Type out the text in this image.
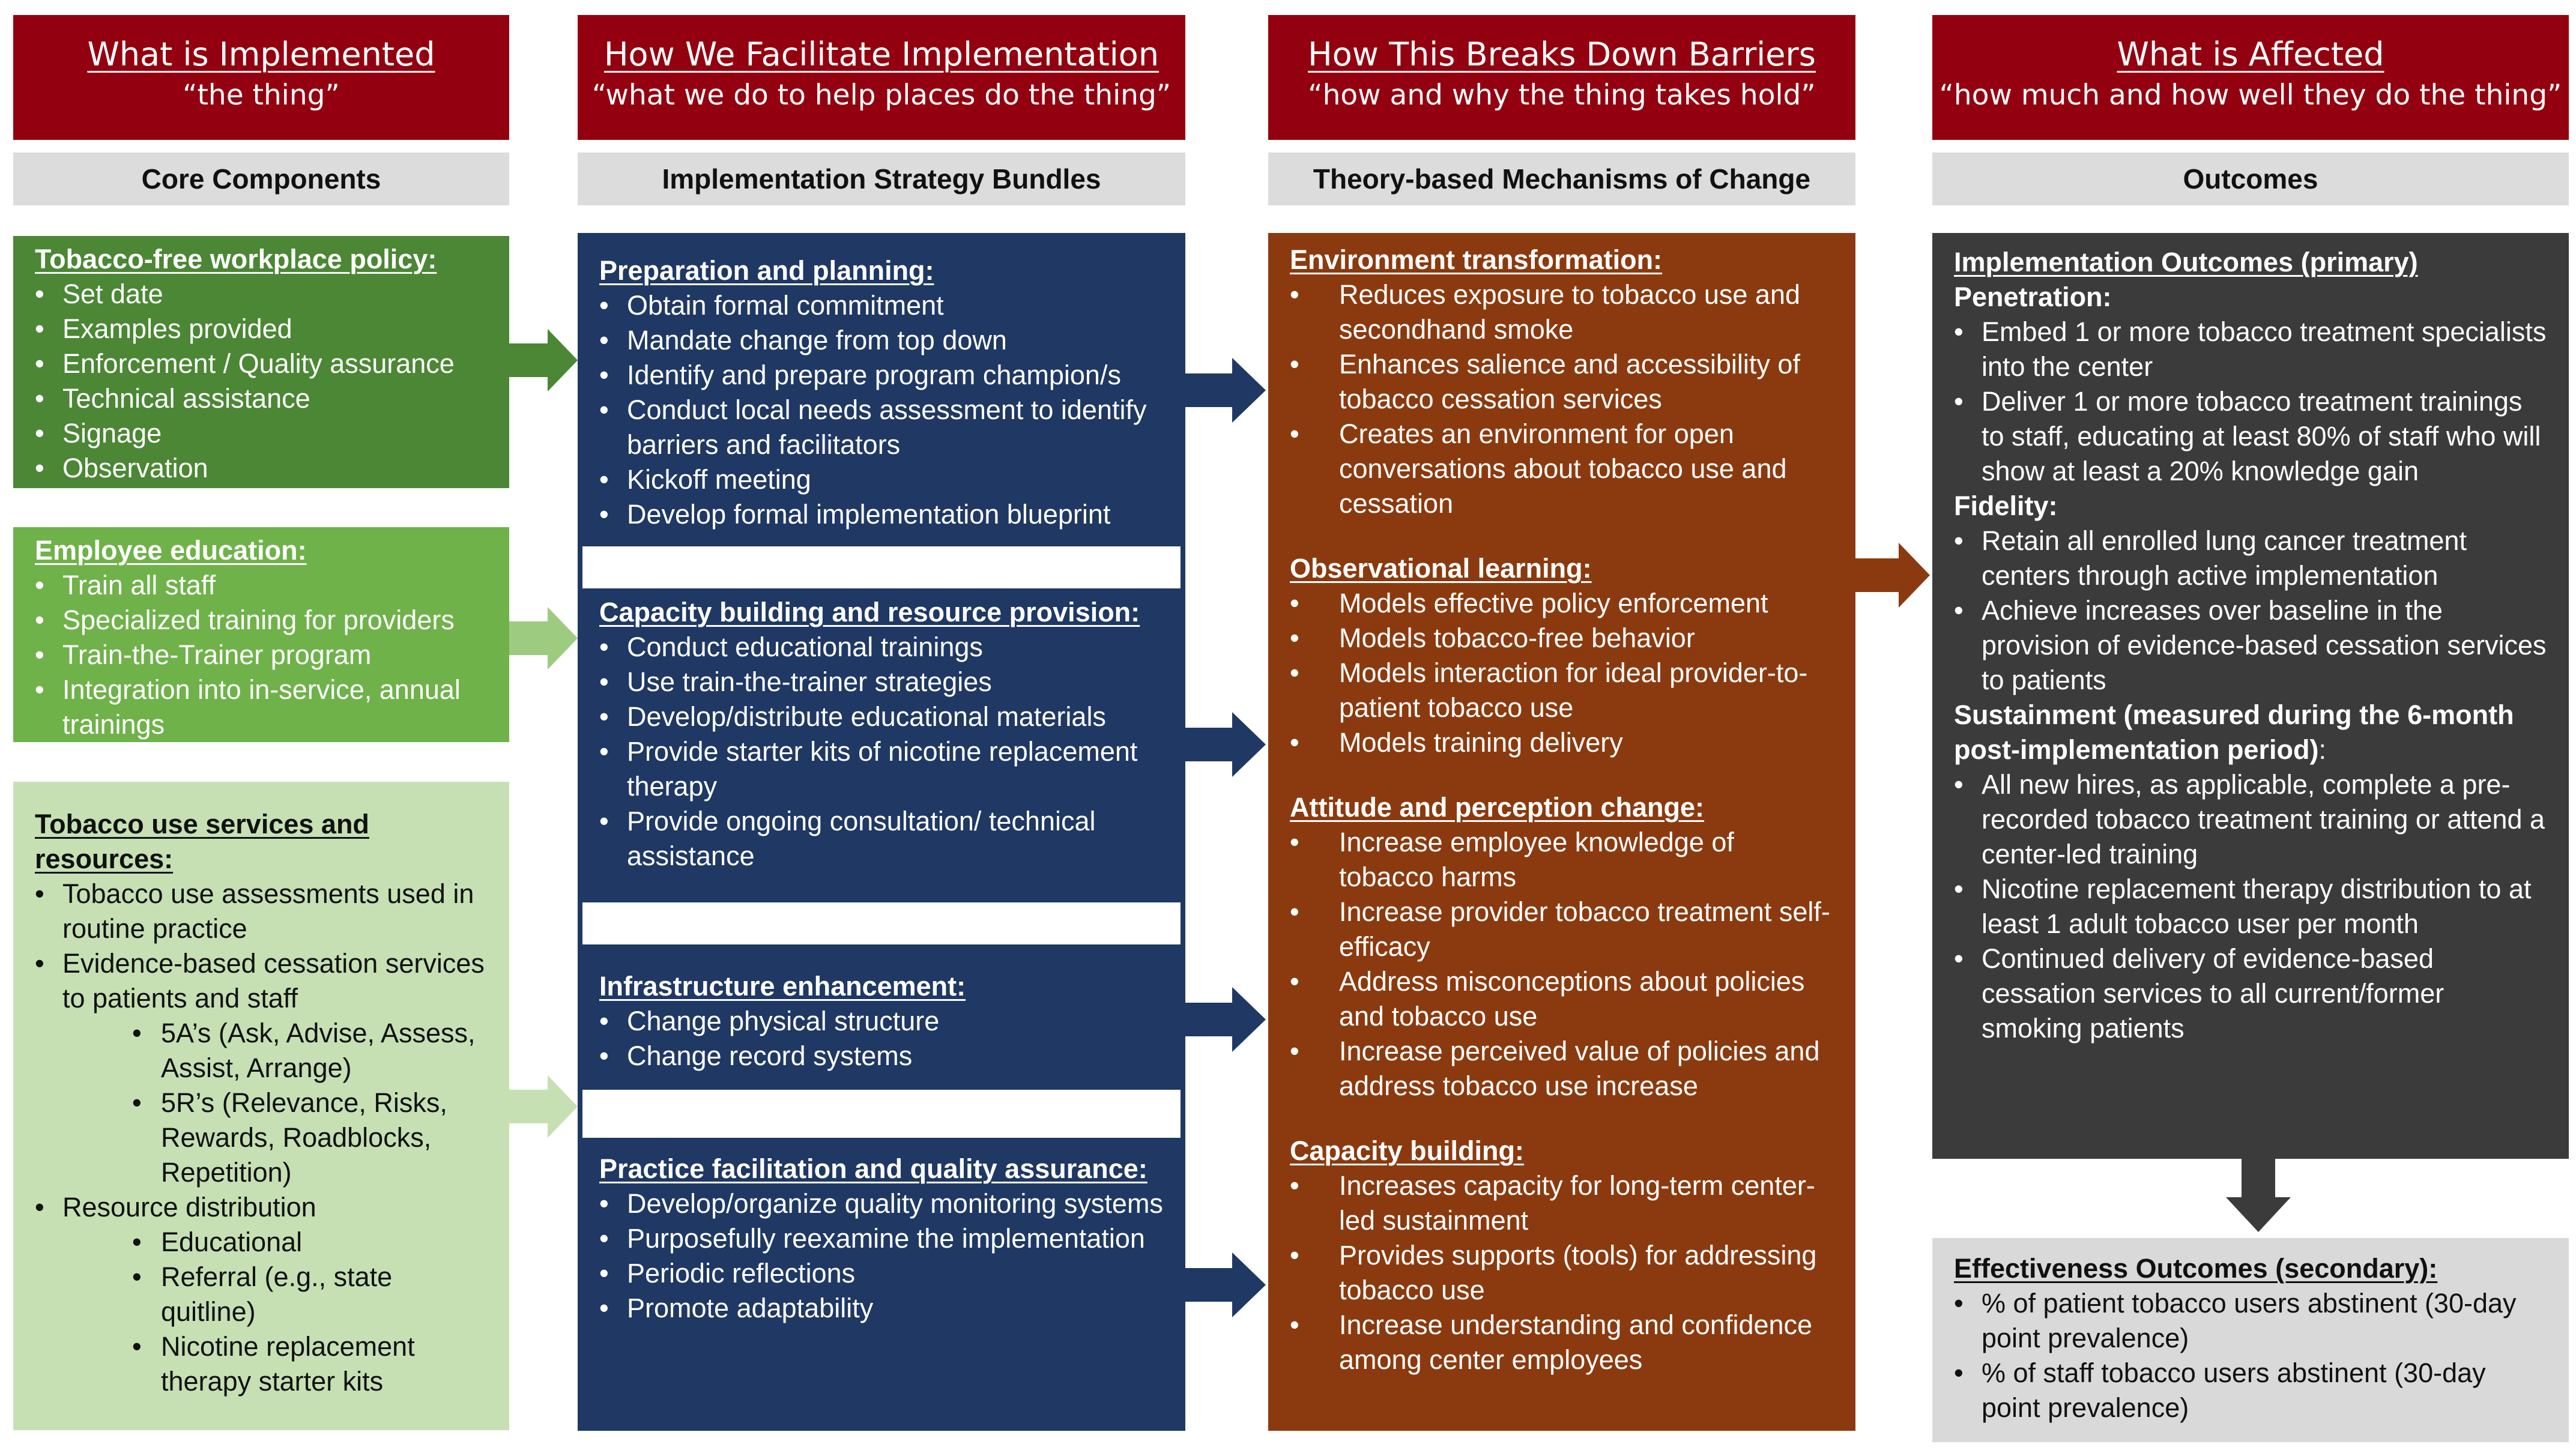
What is Implemented
“the thing”
How We Facilitate Implementation
“what we do to help places do the thing”
How This Breaks Down Barriers
“how and why the thing takes hold”
What is Affected
“how much and how well they do the thing”
Core Components	Implementation Strategy Bundles	Theory-based Mechanisms of Change	Outcomes
Tobacco-free workplace policy:
• Set date
• Examples provided
• Enforcement / Quality assurance
• Technical assistance
• Signage
• Observation
Employee education:
• Train all staff
• Specialized training for providers
• Train-the-Trainer program
• Integration into in-service, annual trainings
Tobacco use services and resources:
• Tobacco use assessments used in routine practice
• Evidence-based cessation services to patients and staff
• 5A’s (Ask, Advise, Assess, Assist, Arrange)
• 5R’s (Relevance, Risks, Rewards, Roadblocks, Repetition)
• Resource distribution
• Educational
• Referral (e.g., state quitline)
• Nicotine replacement therapy starter kits
Preparation and planning:
• Obtain formal commitment
• Mandate change from top down
• Identify and prepare program champion/s
• Conduct local needs assessment to identify barriers and facilitators
• Kickoff meeting
• Develop formal implementation blueprint
Capacity building and resource provision:
• Conduct educational trainings
• Use train-the-trainer strategies
• Develop/distribute educational materials
• Provide starter kits of nicotine replacement therapy
• Provide ongoing consultation/ technical assistance
Infrastructure enhancement:
• Change physical structure
• Change record systems
Practice facilitation and quality assurance:
• Develop/organize quality monitoring systems
• Purposefully reexamine the implementation
• Periodic reflections
• Promote adaptability
Environment transformation:
• Reduces exposure to tobacco use and secondhand smoke
• Enhances salience and accessibility of tobacco cessation services
• Creates an environment for open conversations about tobacco use and cessation
Observational learning:
• Models effective policy enforcement
• Models tobacco-free behavior
• Models interaction for ideal provider-to-patient tobacco use
• Models training delivery
Attitude and perception change:
• Increase employee knowledge of tobacco harms
• Increase provider tobacco treatment self-efficacy
• Address misconceptions about policies and tobacco use
• Increase perceived value of policies and address tobacco use increase
Capacity building:
• Increases capacity for long-term center-led sustainment
• Provides supports (tools) for addressing tobacco use
• Increase understanding and confidence among center employees
Implementation Outcomes (primary)
Penetration:
• Embed 1 or more tobacco treatment specialists into the center
• Deliver 1 or more tobacco treatment trainings to staff, educating at least 80% of staff who will show at least a 20% knowledge gain
Fidelity:
• Retain all enrolled lung cancer treatment centers through active implementation
• Achieve increases over baseline in the provision of evidence-based cessation services to patients
Sustainment (measured during the 6-month post-implementation period):
• All new hires, as applicable, complete a pre-recorded tobacco treatment training or attend a center-led training
• Nicotine replacement therapy distribution to at least 1 adult tobacco user per month
• Continued delivery of evidence-based cessation services to all current/former smoking patients
Effectiveness Outcomes (secondary):
• % of patient tobacco users abstinent (30-day point prevalence)
• % of staff tobacco users abstinent (30-day point prevalence)
